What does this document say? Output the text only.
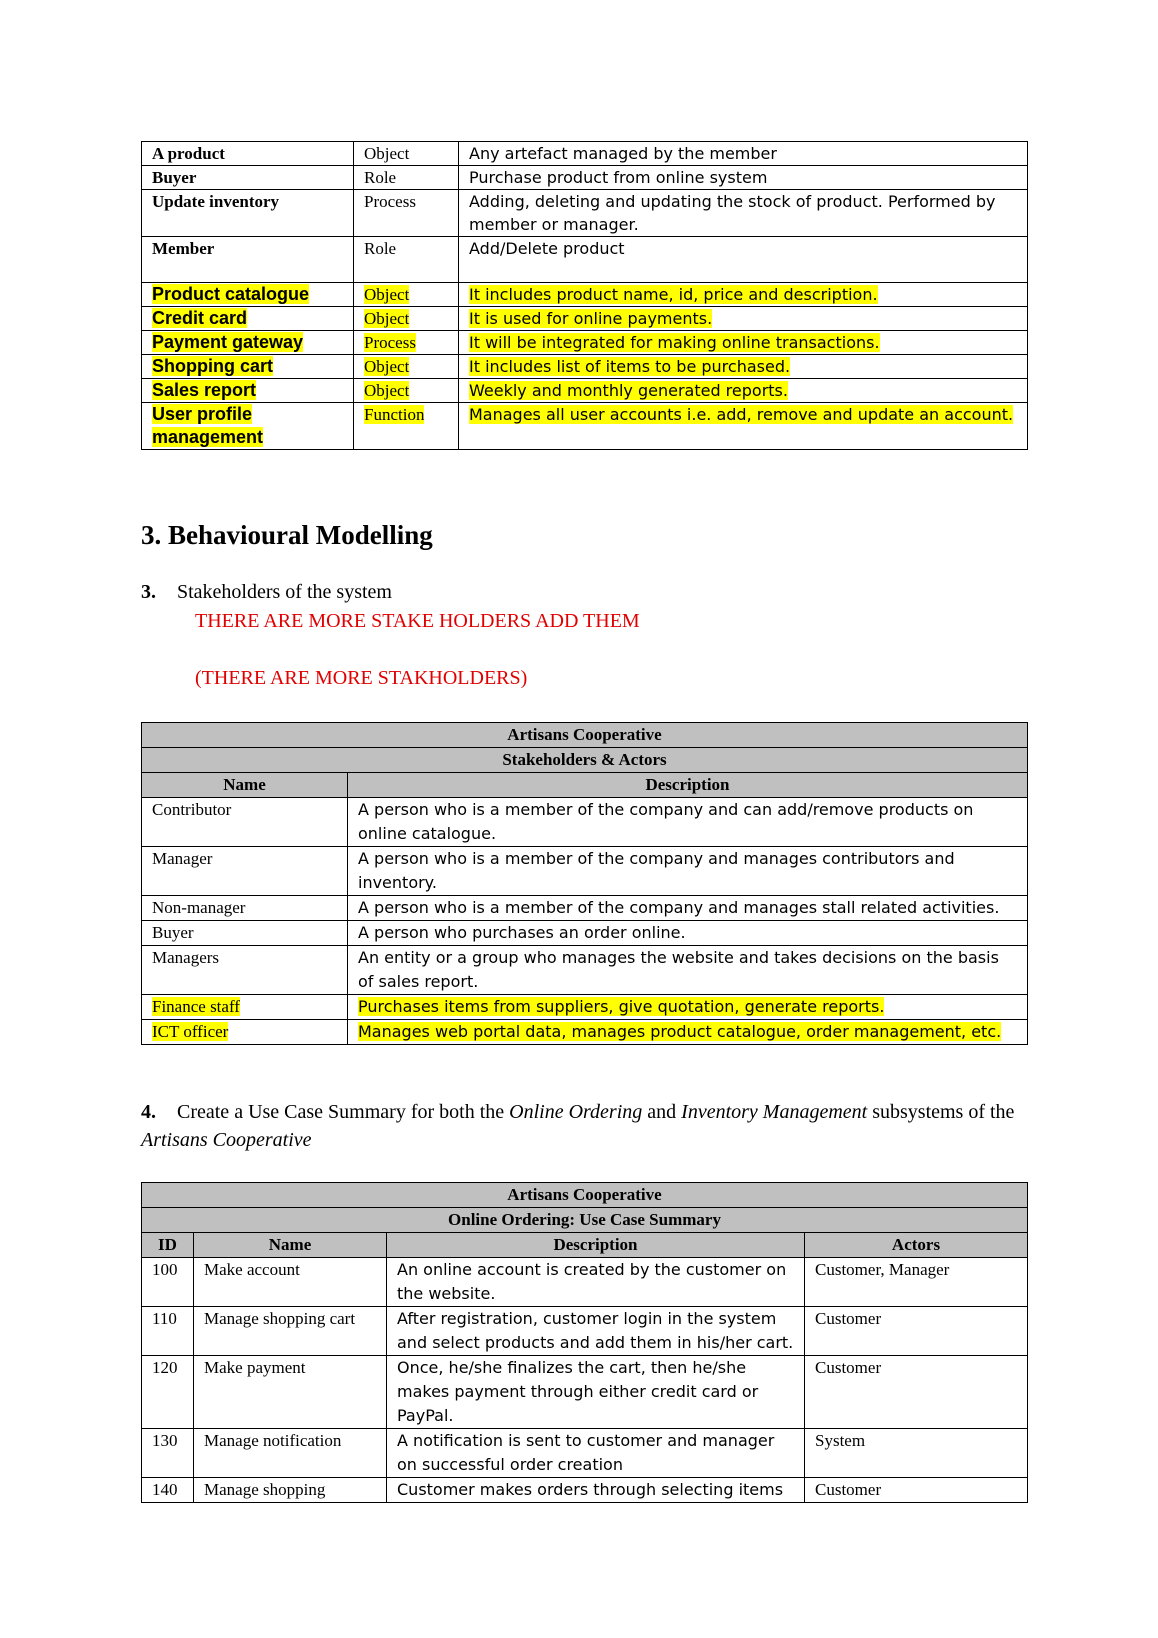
A product	Object	Any artefact managed by the member
Buyer	Role	Purchase product from online system
Update inventory	Process	Adding, deleting and updating the stock of product. Performed by member or manager.
Member	Role	Add/Delete product
Product catalogue	Object	It includes product name, id, price and description.
Credit card	Object	It is used for online payments.
Payment gateway	Process	It will be integrated for making online transactions.
Shopping cart	Object	It includes list of items to be purchased.
Sales report	Object	Weekly and monthly generated reports.
User profile management	Function	Manages all user accounts i.e. add, remove and update an account.
3. Behavioural Modelling
3. Stakeholders of the system
THERE ARE MORE STAKE HOLDERS ADD THEM
(THERE ARE MORE STAKHOLDERS)
Artisans Cooperative	
Stakeholders & Actors	
Name	Description
Contributor	A person who is a member of the company and can add/remove products on online catalogue.
Manager	A person who is a member of the company and manages contributors and inventory.
Non-manager	A person who is a member of the company and manages stall related activities.
Buyer	A person who purchases an order online.
Managers	An entity or a group who manages the website and takes decisions on the basis of sales report.
Finance staff	Purchases items from suppliers, give quotation, generate reports.
ICT officer	Manages web portal data, manages product catalogue, order management, etc.
4. Create a Use Case Summary for both the Online Ordering and Inventory Management subsystems of the Artisans Cooperative
Artisans Cooperative			
Online Ordering: Use Case Summary			
ID	Name	Description	Actors
100	Make account	An online account is created by the customer on the website.	Customer, Manager
110	Manage shopping cart	After registration, customer login in the system and select products and add them in his/her cart.	Customer
120	Make payment	Once, he/she finalizes the cart, then he/she makes payment through either credit card or PayPal.	Customer
130	Manage notification	A notification is sent to customer and manager on successful order creation	System
140	Manage shopping	Customer makes orders through selecting items	Customer
